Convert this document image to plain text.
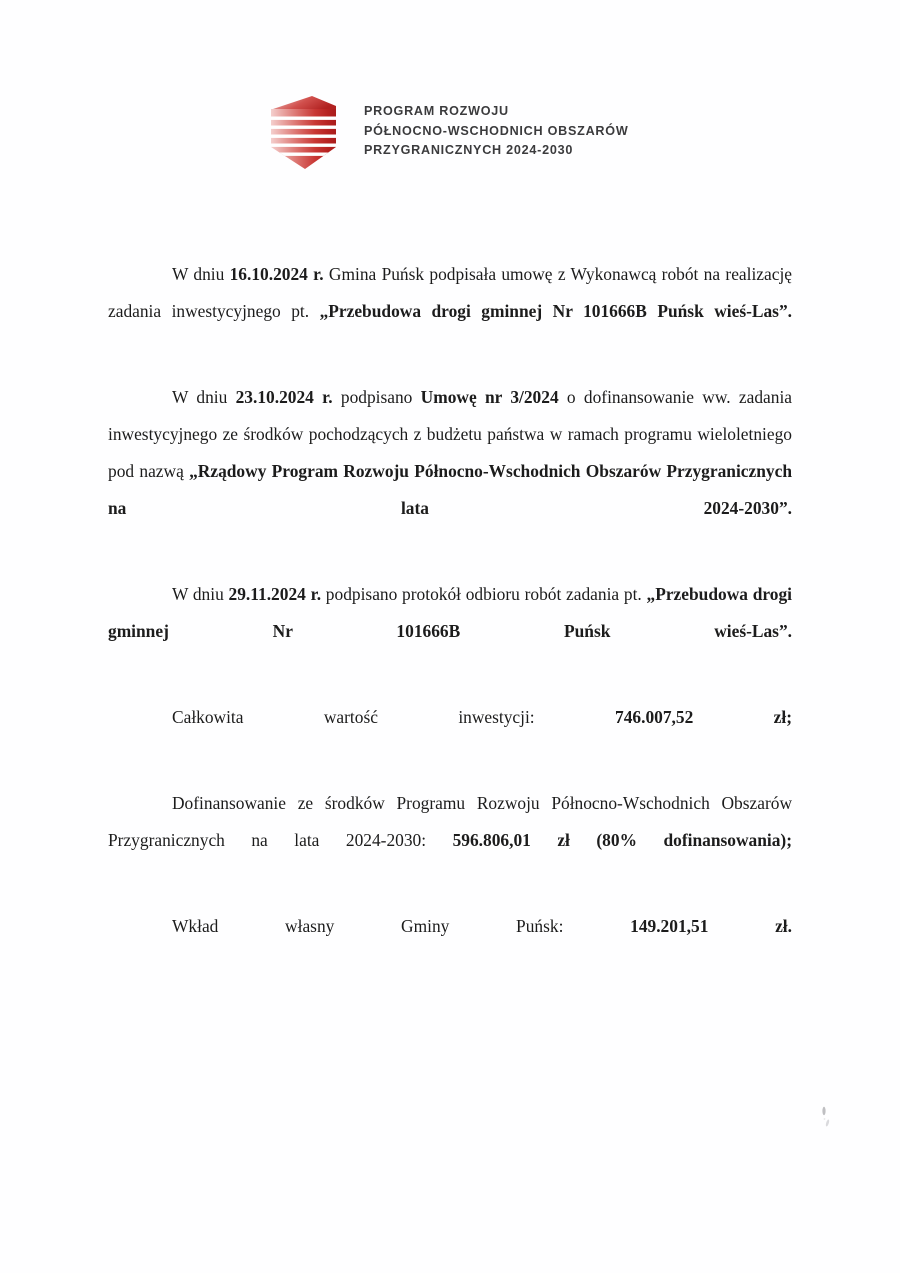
PROGRAM ROZWOJU
PÓŁNOCNO-WSCHODNICH OBSZARÓW
PRZYGRANICZNYCH 2024-2030

W dniu 16.10.2024 r. Gmina Puńsk podpisała umowę z Wykonawcą robót na realizację zadania inwestycyjnego pt. „Przebudowa drogi gminnej Nr 101666B Puńsk wieś-Las”.

W dniu 23.10.2024 r. podpisano Umowę nr 3/2024 o dofinansowanie ww. zadania inwestycyjnego ze środków pochodzących z budżetu państwa w ramach programu wieloletniego pod nazwą „Rządowy Program Rozwoju Północno-Wschodnich Obszarów Przygranicznych na lata 2024-2030”.

W dniu 29.11.2024 r. podpisano protokół odbioru robót zadania pt. „Przebudowa drogi gminnej Nr 101666B Puńsk wieś-Las”.

Całkowita wartość inwestycji: 746.007,52 zł;

Dofinansowanie ze środków Programu Rozwoju Północno-Wschodnich Obszarów Przygranicznych na lata 2024-2030: 596.806,01 zł (80% dofinansowania);

Wkład własny Gminy Puńsk: 149.201,51 zł.
